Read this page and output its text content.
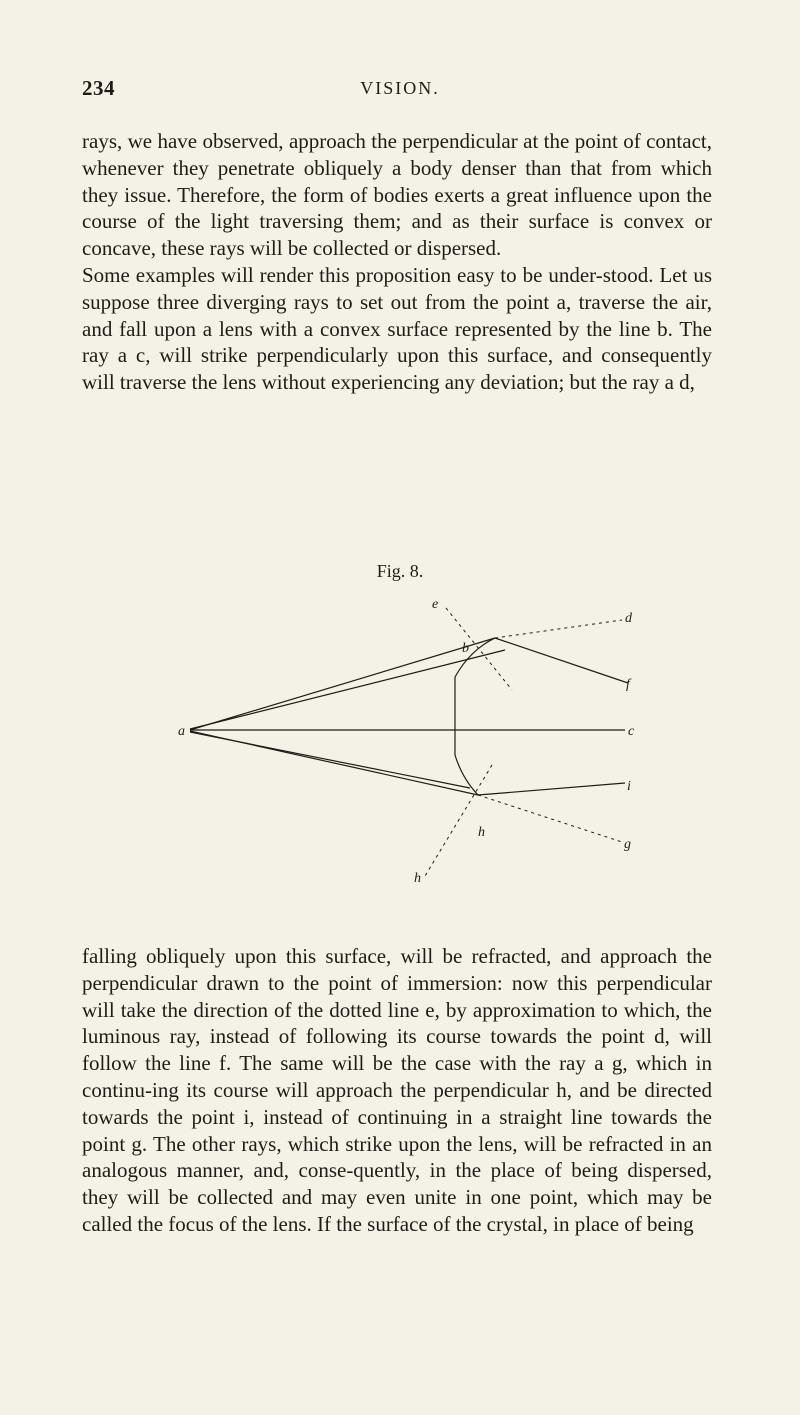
234	VISION.

rays, we have observed, approach the perpendicular at the point of contact, whenever they penetrate obliquely a body denser than that from which they issue. Therefore, the form of bodies exerts a great influence upon the course of the light traversing them; and as their surface is convex or concave, these rays will be collected or dispersed.

Some examples will render this proposition easy to be under-stood. Let us suppose three diverging rays to set out from the point a, traverse the air, and fall upon a lens with a convex surface represented by the line b. The ray a c, will strike perpendicularly upon this surface, and consequently will traverse the lens without experiencing any deviation; but the ray a d,

Fig. 8.
e
b
d
f
a	c
i
h
g
h

falling obliquely upon this surface, will be refracted, and approach the perpendicular drawn to the point of immersion: now this perpendicular will take the direction of the dotted line e, by approximation to which, the luminous ray, instead of following its course towards the point d, will follow the line f. The same will be the case with the ray a g, which in continu-ing its course will approach the perpendicular h, and be directed towards the point i, instead of continuing in a straight line towards the point g. The other rays, which strike upon the lens, will be refracted in an analogous manner, and, conse-quently, in the place of being dispersed, they will be collected and may even unite in one point, which may be called the focus of the lens. If the surface of the crystal, in place of being
